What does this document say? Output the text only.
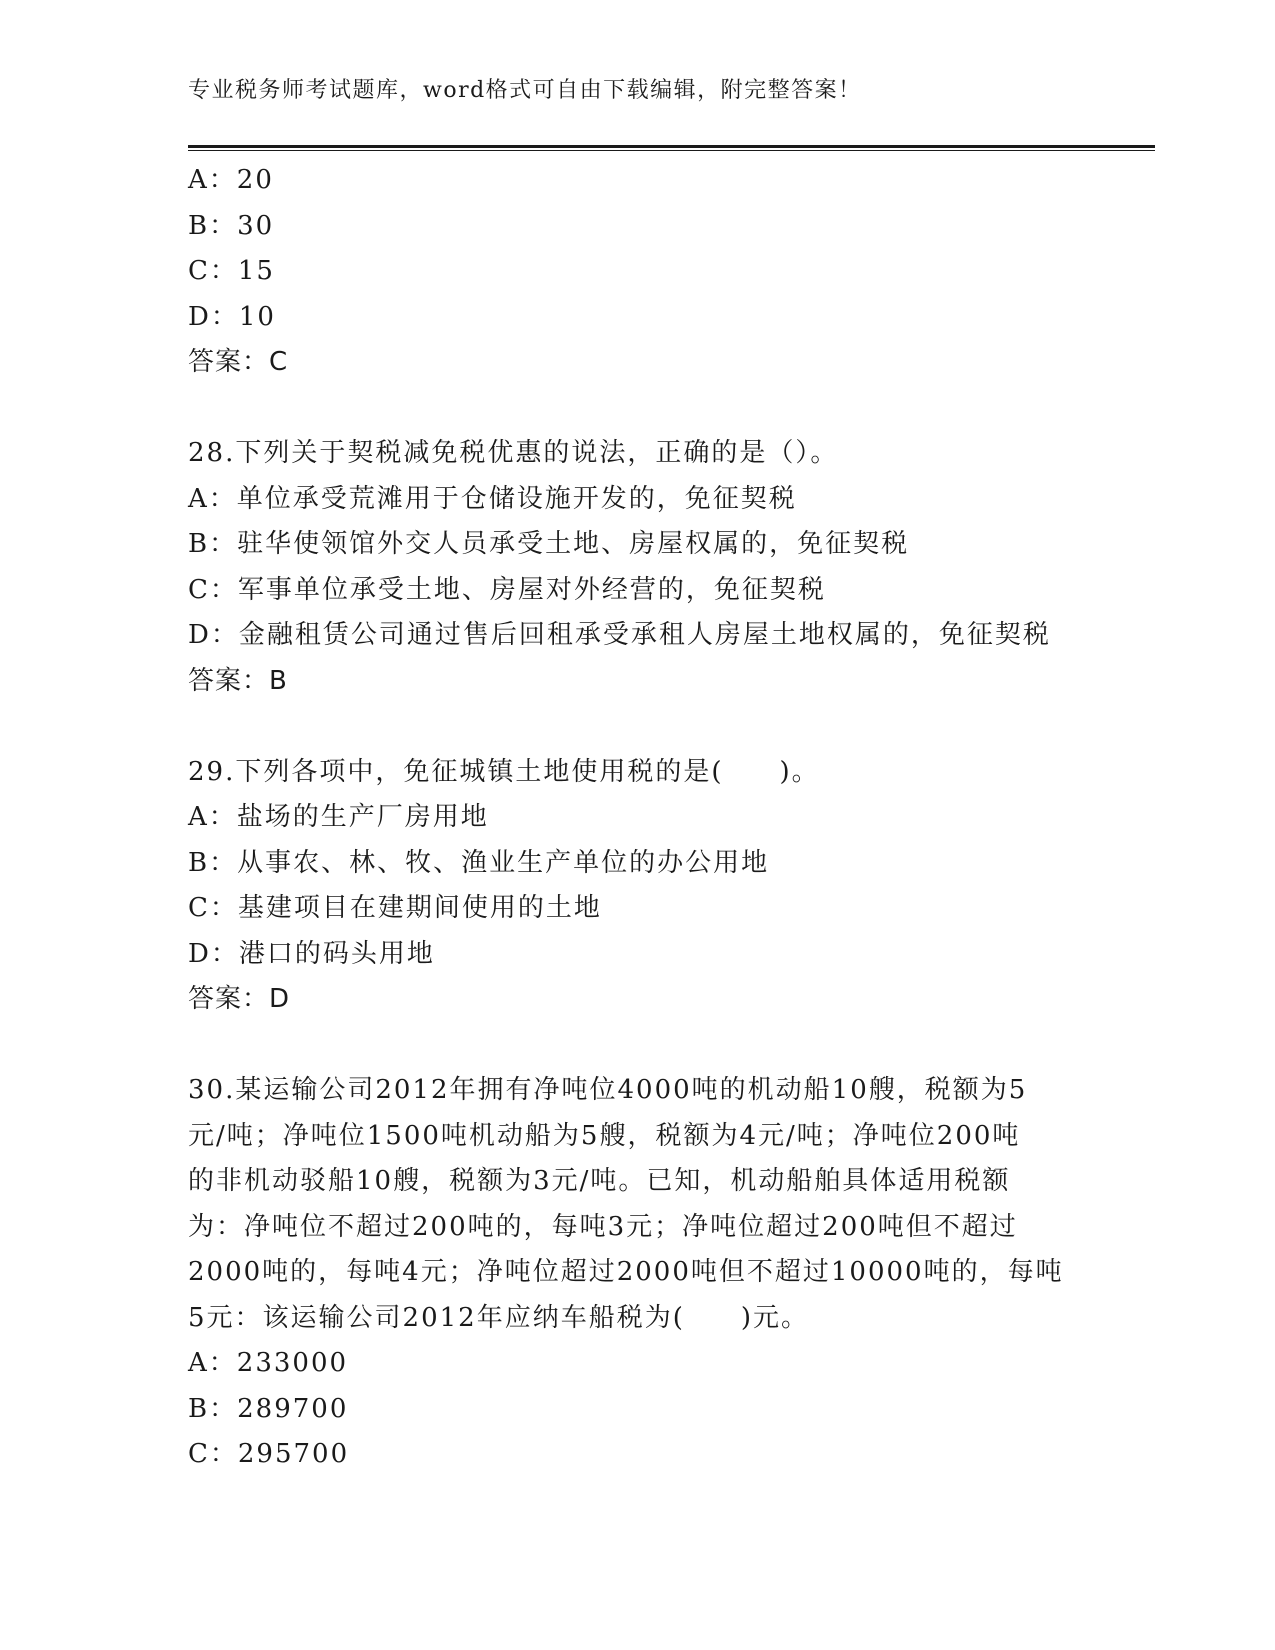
专业税务师考试题库，word格式可自由下载编辑，附完整答案！
A：20
B：30
C：15
D：10
答案：C
28.下列关于契税减免税优惠的说法，正确的是（）。
A：单位承受荒滩用于仓储设施开发的，免征契税
B：驻华使领馆外交人员承受土地、房屋权属的，免征契税
C：军事单位承受土地、房屋对外经营的，免征契税
D：金融租赁公司通过售后回租承受承租人房屋土地权属的，免征契税
答案：B
29.下列各项中，免征城镇土地使用税的是(　　)。
A：盐场的生产厂房用地
B：从事农、林、牧、渔业生产单位的办公用地
C：基建项目在建期间使用的土地
D：港口的码头用地
答案：D
30.某运输公司2012年拥有净吨位4000吨的机动船10艘，税额为5
元/吨；净吨位1500吨机动船为5艘，税额为4元/吨；净吨位200吨
的非机动驳船10艘，税额为3元/吨。已知，机动船舶具体适用税额
为：净吨位不超过200吨的，每吨3元；净吨位超过200吨但不超过
2000吨的，每吨4元；净吨位超过2000吨但不超过10000吨的，每吨
5元：该运输公司2012年应纳车船税为(　　)元。
A：233000
B：289700
C：295700
